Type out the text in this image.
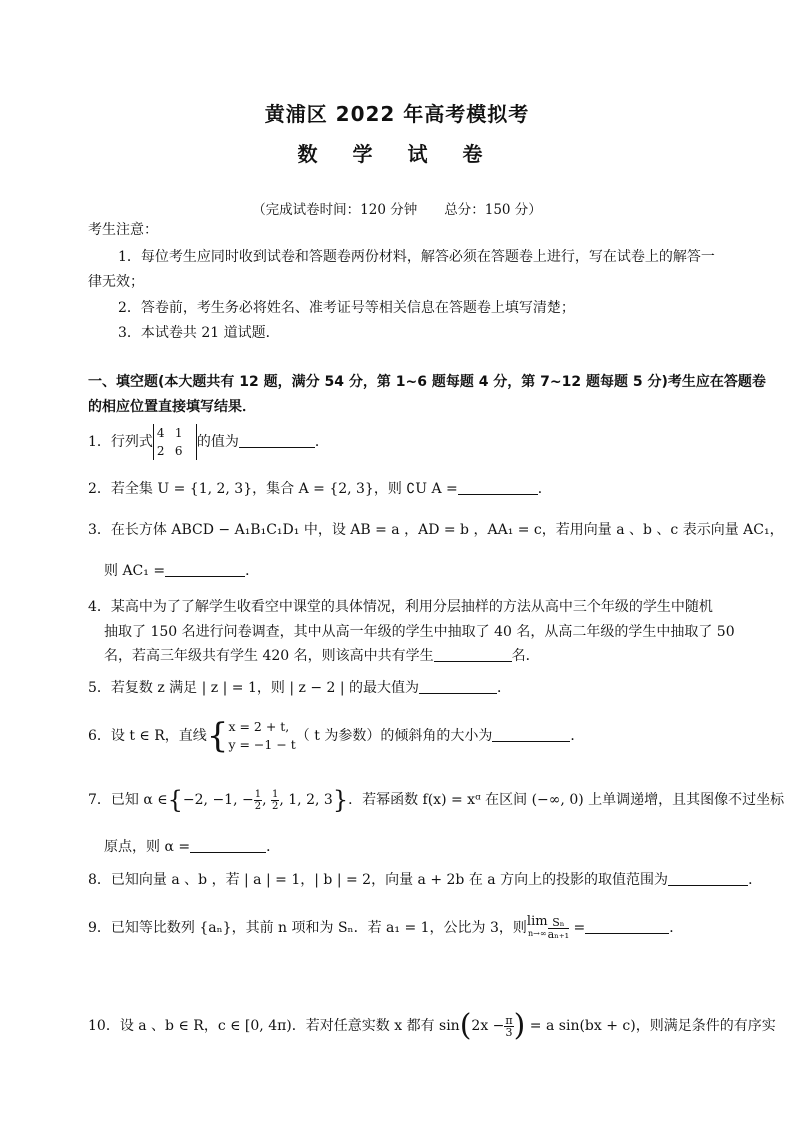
黄浦区 2022 年高考模拟考
数 学 试 卷
（完成试卷时间：120 分钟　　总分：150 分）
考生注意：
1．每位考生应同时收到试卷和答题卷两份材料，解答必须在答题卷上进行，写在试卷上的解答一
律无效；
2．答卷前，考生务必将姓名、准考证号等相关信息在答题卷上填写清楚；
3．本试卷共 21 道试题．
一、填空题(本大题共有 12 题，满分 54 分，第 1~6 题每题 4 分，第 7~12 题每题 5 分)考生应在答题卷
的相应位置直接填写结果．
1．行列式4 1
2 6的值为	．
2．若全集 U = {1, 2, 3}，集合 A = {2, 3}，则 ∁U A =	．
3．在长方体 ABCD − A₁B₁C₁D₁ 中，设 AB = a ，AD = b ，AA₁ = c，若用向量 a 、b 、c 表示向量 AC₁，
则 AC₁ =	．
4．某高中为了了解学生收看空中课堂的具体情况，利用分层抽样的方法从高中三个年级的学生中随机
抽取了 150 名进行问卷调查，其中从高一年级的学生中抽取了 40 名，从高二年级的学生中抽取了 50
名，若高三年级共有学生 420 名，则该高中共有学生	名．
5．若复数 z 满足 | z | = 1，则 | z − 2 | 的最大值为	．
6．设 t ∈ R，直线{x = 2 + t,
y = −1 − t（ t 为参数）的倾斜角的大小为	．
7．已知 α ∈{−2, −1, − $\frac{1}{2}$ , $\frac{1}{2}$ , 1, 2, 3}．若幂函数 f(x) = xᵅ 在区间 (−∞, 0) 上单调递增，且其图像不过坐标
原点，则 α =	．
8．已知向量 a 、b ，若 | a | = 1，| b | = 2，向量 a + 2b 在 a 方向上的投影的取值范围为	．
9．已知等比数列 {aₙ}，其前 n 项和为 Sₙ．若 a₁ = 1，公比为 3，则lim
$n\to\infty \frac{\text{Sₙ}}{\text{aₙ₊₁}}$ =	．
10．设 a 、b ∈ R，c ∈ [0, 4π)．若对任意实数 x 都有 $\sin(2x - \frac{\pi}{3}$ ) = a sin(bx + c)，则满足条件的有序实
